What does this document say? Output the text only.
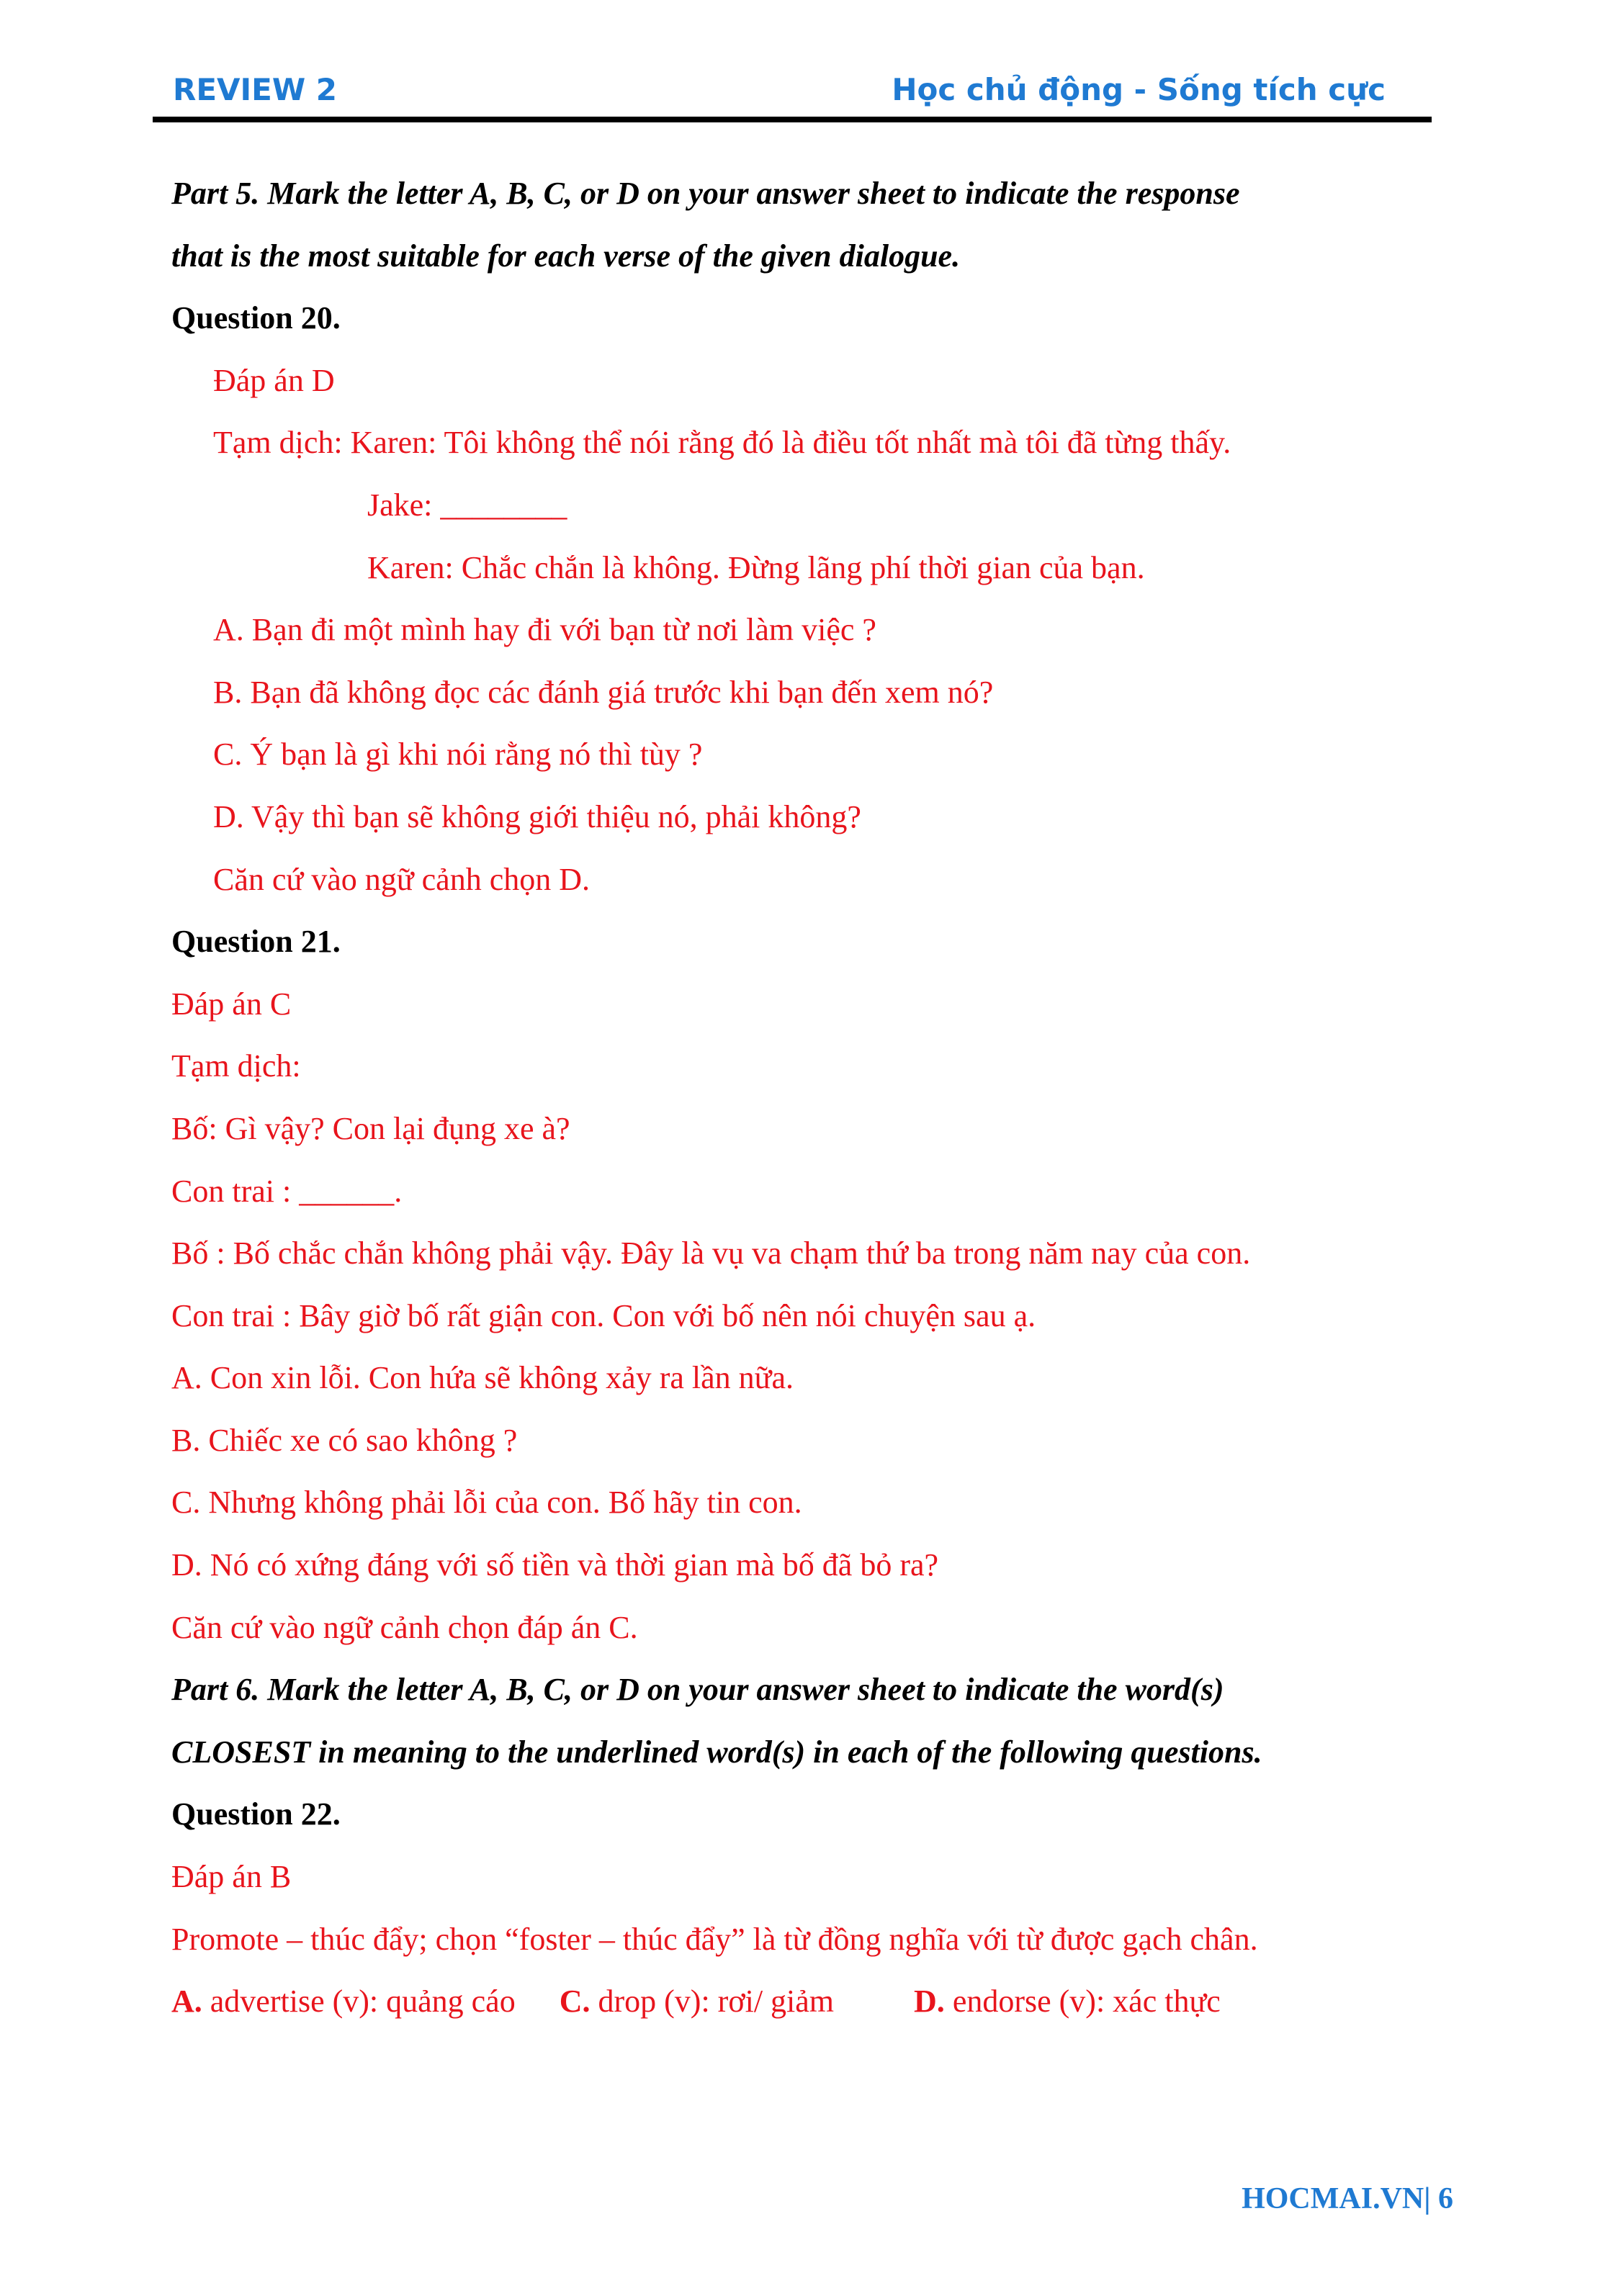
REVIEW 2	Học chủ động - Sống tích cực
Part 5. Mark the letter A, B, C, or D on your answer sheet to indicate the response
that is the most suitable for each verse of the given dialogue.
Question 20.
Đáp án D
Tạm dịch: Karen: Tôi không thể nói rằng đó là điều tốt nhất mà tôi đã từng thấy.
Jake: ________
Karen: Chắc chắn là không. Đừng lãng phí thời gian của bạn.
A. Bạn đi một mình hay đi với bạn từ nơi làm việc ?
B. Bạn đã không đọc các đánh giá trước khi bạn đến xem nó?
C. Ý bạn là gì khi nói rằng nó thì tùy ?
D. Vậy thì bạn sẽ không giới thiệu nó, phải không?
Căn cứ vào ngữ cảnh chọn D.
Question 21.
Đáp án C
Tạm dịch:
Bố: Gì vậy? Con lại đụng xe à?
Con trai : ______.
Bố : Bố chắc chắn không phải vậy. Đây là vụ va chạm thứ ba trong năm nay của con.
Con trai : Bây giờ bố rất giận con. Con với bố nên nói chuyện sau ạ.
A. Con xin lỗi. Con hứa sẽ không xảy ra lần nữa.
B. Chiếc xe có sao không ?
C. Nhưng không phải lỗi của con. Bố hãy tin con.
D. Nó có xứng đáng với số tiền và thời gian mà bố đã bỏ ra?
Căn cứ vào ngữ cảnh chọn đáp án C.
Part 6. Mark the letter A, B, C, or D on your answer sheet to indicate the word(s)
CLOSEST in meaning to the underlined word(s) in each of the following questions.
Question 22.
Đáp án B
Promote – thúc đẩy; chọn “foster – thúc đẩy” là từ đồng nghĩa với từ được gạch chân.
A. advertise (v): quảng cáo C. drop (v): rơi/ giảm	D. endorse (v): xác thực
HOCMAI.VN| 6
